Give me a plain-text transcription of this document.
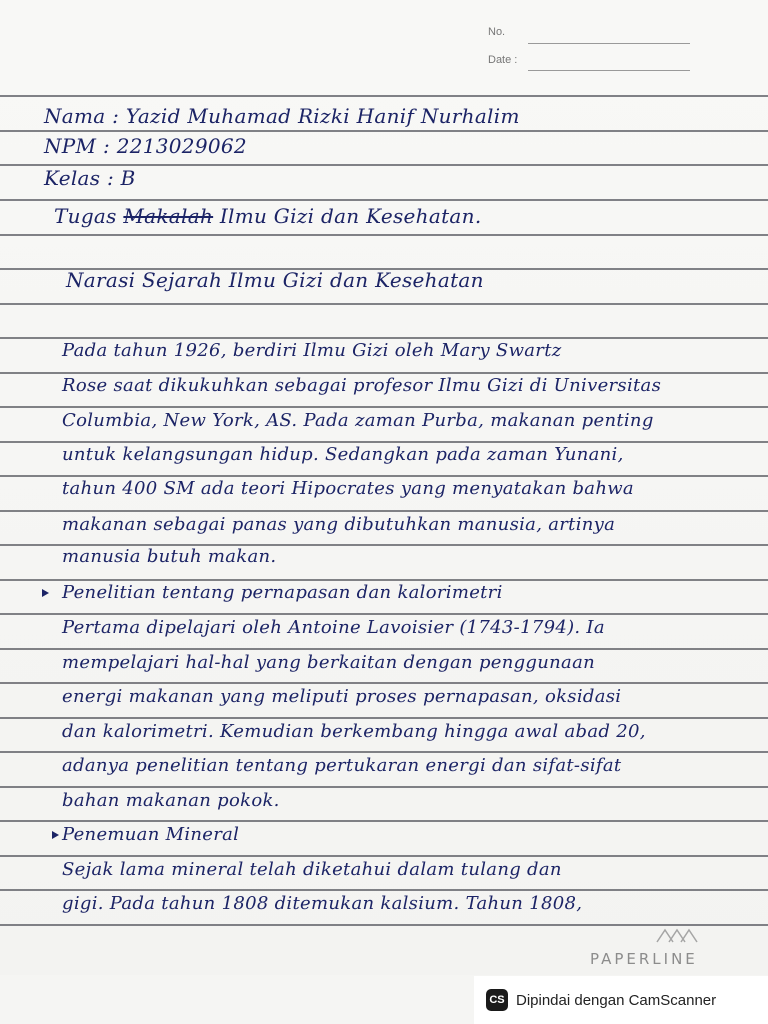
No.
Date :
Nama : Yazid Muhamad Rizki Hanif Nurhalim
NPM : 2213029062
Kelas : B
Tugas Makalah Ilmu Gizi dan Kesehatan.
Narasi Sejarah Ilmu Gizi dan Kesehatan
Pada tahun 1926, berdiri Ilmu Gizi oleh Mary Swartz
Rose saat dikukuhkan sebagai profesor Ilmu Gizi di Universitas
Columbia, New York, AS. Pada zaman Purba, makanan penting
untuk kelangsungan hidup. Sedangkan pada zaman Yunani,
tahun 400 SM ada teori Hipocrates yang menyatakan bahwa
makanan sebagai panas yang dibutuhkan manusia, artinya
manusia butuh makan.
Penelitian tentang pernapasan dan kalorimetri
Pertama dipelajari oleh Antoine Lavoisier (1743-1794). Ia
mempelajari hal-hal yang berkaitan dengan penggunaan
energi makanan yang meliputi proses pernapasan, oksidasi
dan kalorimetri. Kemudian berkembang hingga awal abad 20,
adanya penelitian tentang pertukaran energi dan sifat-sifat
bahan makanan pokok.
Penemuan Mineral
Sejak lama mineral telah diketahui dalam tulang dan
gigi. Pada tahun 1808 ditemukan kalsium. Tahun 1808,
PAPERLINE
CS Dipindai dengan CamScanner
